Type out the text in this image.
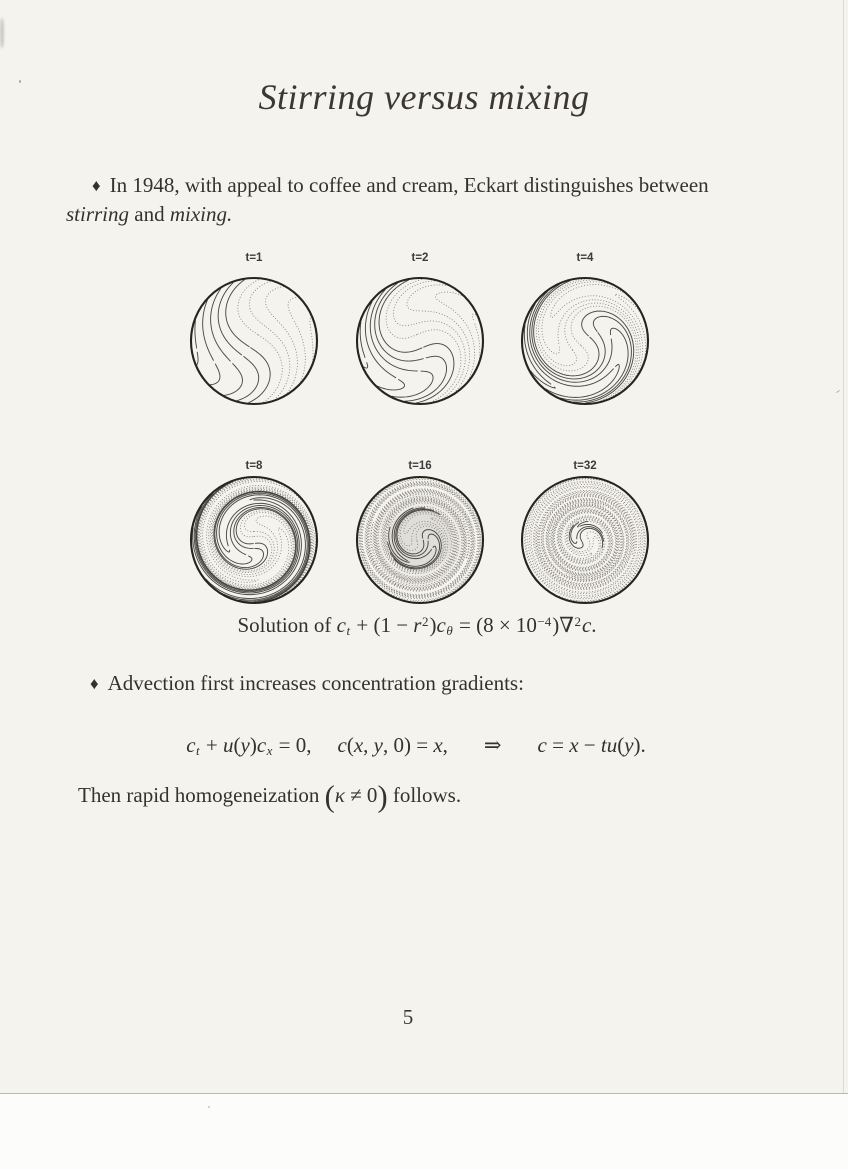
Stirring versus mixing
♦ In 1948, with appeal to coffee and cream, Eckart distinguishes between
stirring and mixing.
t=1	t=2	t=4
t=8	t=16	t=32
Solution of ct + $(1 - r^2)c\theta = (8 \times 10^{-4})\nabla^2c$.
♦ Advection first increases concentration gradients:
ct + u(y)cx = 0, c(x, y, 0) = x, ⇒ c = x − tu(y).
Then rapid homogeneization (κ ≠ 0) follows.
5
